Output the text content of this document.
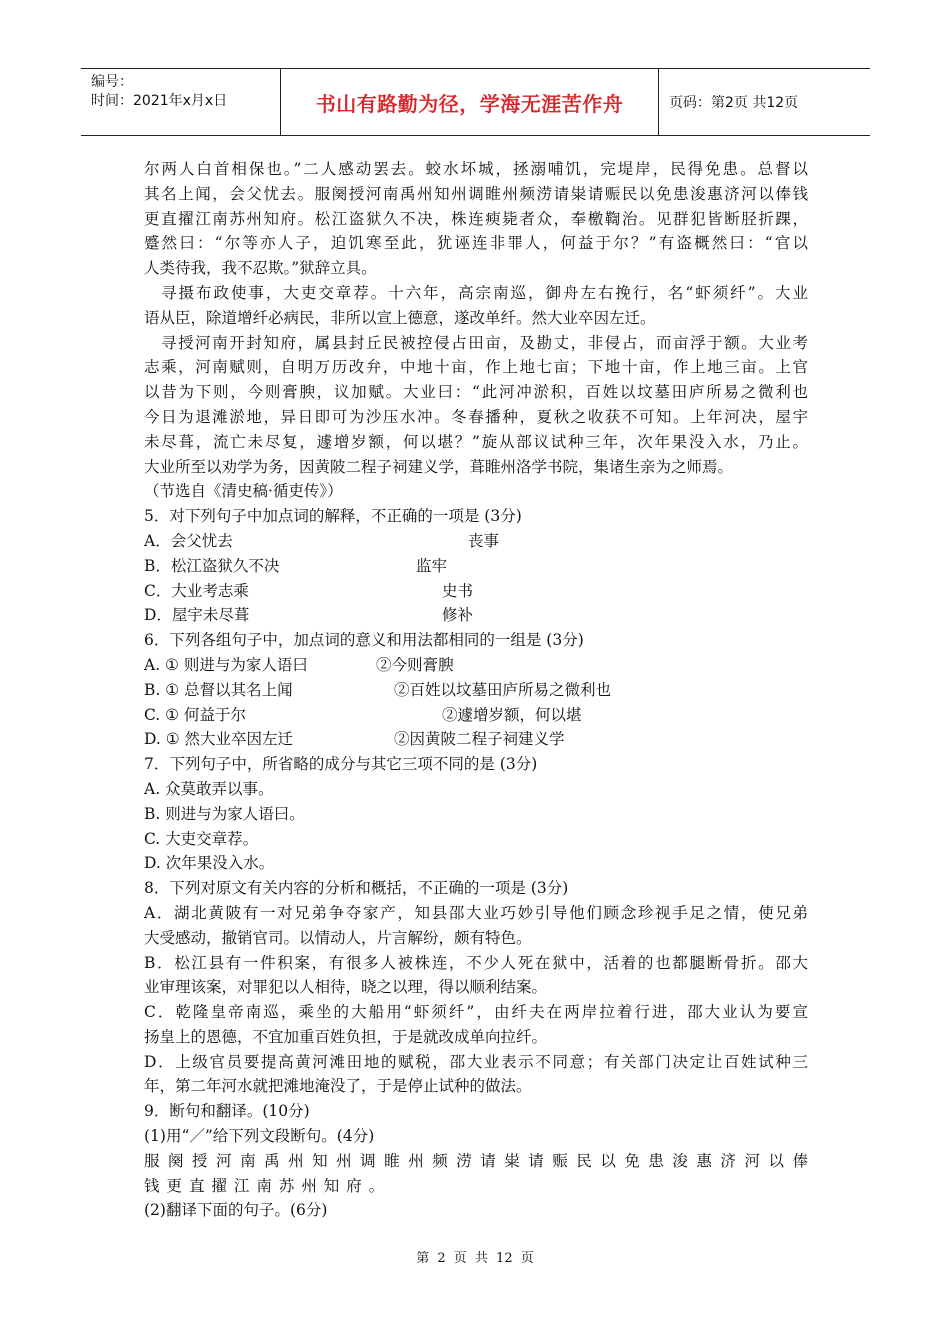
编号：
时间：2021年x月x日	书山有路勤为径，学海无涯苦作舟	页码：第2页 共12页
尔两人白首相保也。”二人感动罢去。蛟水坏城，拯溺哺饥，完堤岸，民得免患。总督以
其名上闻，会父忧去。服阕授河南禹州知州调睢州频涝请粜请赈民以免患浚惠济河以俸钱
更直擢江南苏州知府。松江盗狱久不决，株连瘐毙者众，奉檄鞫治。见群犯皆断胫折踝，
蹙然曰：“尔等亦人子，迫饥寒至此，犹诬连非罪人，何益于尔？”有盗概然曰：“官以
人类待我，我不忍欺。”狱辞立具。
寻摄布政使事，大吏交章荐。十六年，高宗南巡，御舟左右挽行，名“虾须纤”。大业
语从臣，除道增纤必病民，非所以宣上德意，遂改单纤。然大业卒因左迁。
寻授河南开封知府，属县封丘民被控侵占田亩，及勘丈，非侵占，而亩浮于额。大业考
志乘，河南赋则，自明万历改弁，中地十亩，作上地七亩；下地十亩，作上地三亩。上官
以昔为下则，今则膏腴，议加赋。大业曰：“此河冲淤积，百姓以坟墓田庐所易之微利也
今日为退滩淤地，异日即可为沙压水冲。冬春播种，夏秋之收获不可知。上年河决，屋宇
未尽葺，流亡未尽复，遽增岁额，何以堪？”旋从部议试种三年，次年果没入水，乃止。
大业所至以劝学为务，因黄陂二程子祠建义学，葺睢州洛学书院，集诸生亲为之师焉。
（节选自《清史稿·循吏传》）
5．对下列句子中加点词的解释，不正确的一项是 (3分)
A．会父忧去	丧事
B．松江盗狱久不决	监牢
C．大业考志乘	史书
D．屋宇未尽葺	修补
6．下列各组句子中，加点词的意义和用法都相同的一组是 (3分)
A. ① 则进与为家人语曰	②今则膏腴
B. ① 总督以其名上闻	②百姓以坟墓田庐所易之微利也
C. ① 何益于尔	②遽增岁额，何以堪
D. ① 然大业卒因左迁	②因黄陂二程子祠建义学
7．下列句子中，所省略的成分与其它三项不同的是 (3分)
A. 众莫敢弄以事。
B. 则进与为家人语曰。
C. 大吏交章荐。
D. 次年果没入水。
8．下列对原文有关内容的分析和概括，不正确的一项是 (3分)
A．湖北黄陂有一对兄弟争夺家产，知县邵大业巧妙引导他们顾念珍视手足之情，使兄弟
大受感动，撤销官司。以情动人，片言解纷，颇有特色。
B．松江县有一件积案，有很多人被株连，不少人死在狱中，活着的也都腿断骨折。邵大
业审理该案，对罪犯以人相待，晓之以理，得以顺利结案。
C．乾隆皇帝南巡，乘坐的大船用“虾须纤”，由纤夫在两岸拉着行进，邵大业认为要宣
扬皇上的恩德，不宜加重百姓负担，于是就改成单向拉纤。
D．上级官员要提高黄河滩田地的赋税，邵大业表示不同意；有关部门决定让百姓试种三
年，第二年河水就把滩地淹没了，于是停止试种的做法。
9．断句和翻译。(10分)
(1)用“／”给下列文段断句。(4分)
服阕授河南禹州知州调睢州频涝请粜请赈民以免患浚惠济河以俸
钱更直擢江南苏州知府。
(2)翻译下面的句子。(6分)
第 2 页 共 12 页
